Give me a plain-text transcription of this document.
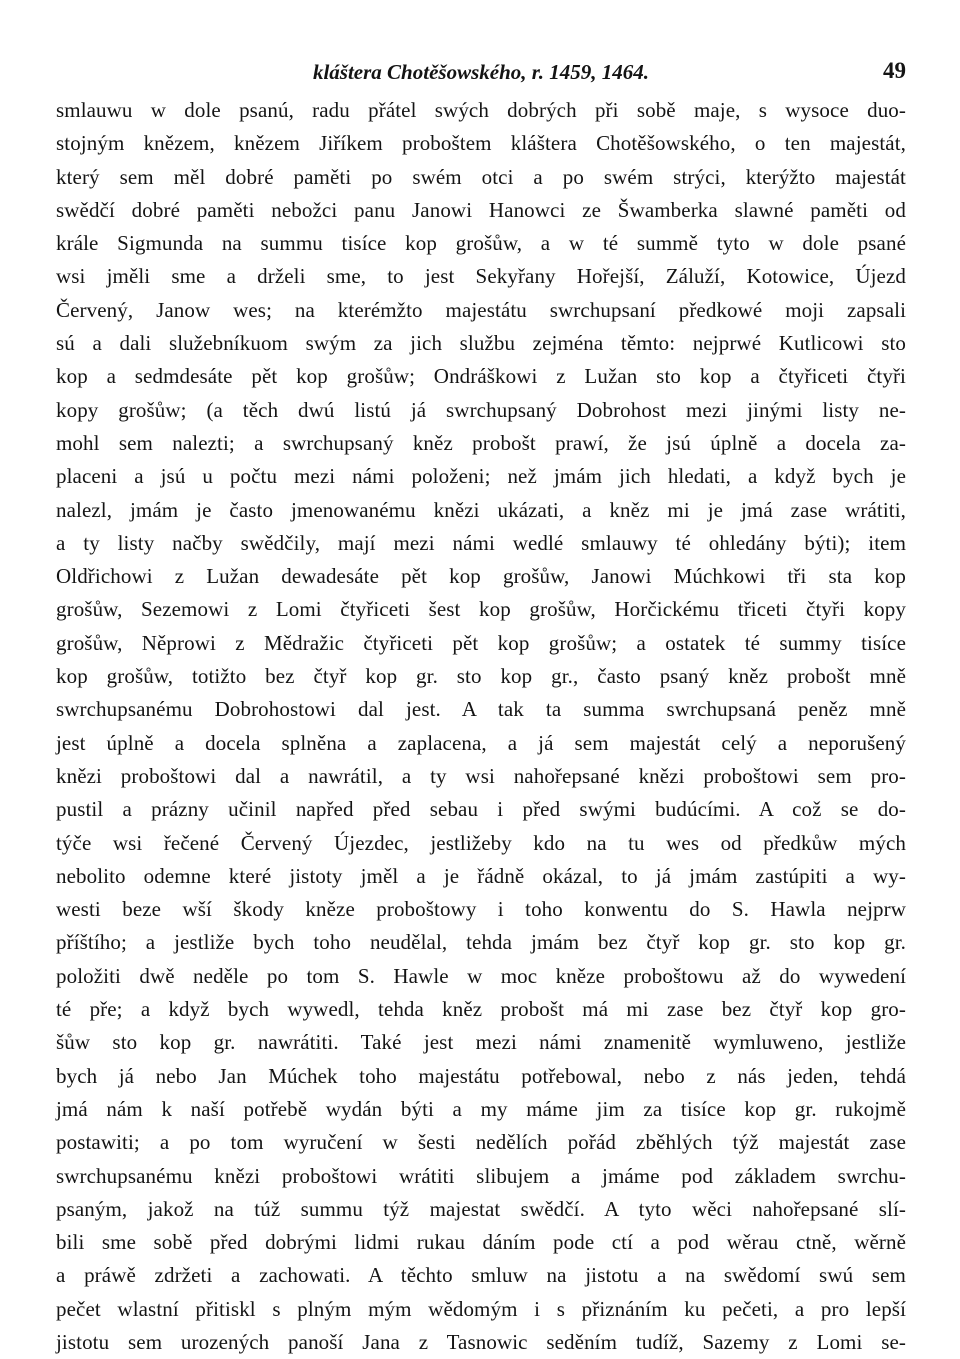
kláštera Chotěšowského, r. 1459, 1464.	49
smlauwu w dole psanú, radu přátel swých dobrých při sobě maje, s wysoce duo-
stojným knězem, knězem Jiříkem proboštem kláštera Chotěšowského, o ten majestát,
který sem měl dobré paměti po swém otci a po swém strýci, kterýžto majestát
swědčí dobré paměti nebožci panu Janowi Hanowci ze Šwamberka slawné paměti od
krále Sigmunda na summu tisíce kop grošůw, a w té summě tyto w dole psané
wsi jměli sme a drželi sme, to jest Sekyřany Hořejší, Záluží, Kotowice, Újezd
Červený, Janow wes; na kterémžto majestátu swrchupsaní předkowé moji zapsali
sú a dali služebníkuom swým za jich službu zejména těmto: nejprwé Kutlicowi sto
kop a sedmdesáte pět kop grošůw; Ondráškowi z Lužan sto kop a čtyřiceti čtyři
kopy grošůw; (a těch dwú listú já swrchupsaný Dobrohost mezi jinými listy ne-
mohl sem nalezti; a swrchupsaný kněz probošt prawí, že jsú úplně a docela za-
placeni a jsú u počtu mezi námi položeni; než jmám jich hledati, a když bych je
nalezl, jmám je často jmenowanému knězi ukázati, a kněz mi je jmá zase wrátiti,
a ty listy načby swědčily, mají mezi námi wedlé smlauwy té ohledány býti); item
Oldřichowi z Lužan dewadesáte pět kop grošůw, Janowi Múchkowi tři sta kop
grošůw, Sezemowi z Lomi čtyřiceti šest kop grošůw, Horčickému třiceti čtyři kopy
grošůw, Něprowi z Mědražic čtyřiceti pět kop grošůw; a ostatek té summy tisíce
kop grošůw, totižto bez čtyř kop gr. sto kop gr., často psaný kněz probošt mně
swrchupsanému Dobrohostowi dal jest. A tak ta summa swrchupsaná peněz mně
jest úplně a docela splněna a zaplacena, a já sem majestát celý a neporušený
knězi proboštowi dal a nawrátil, a ty wsi nahořepsané knězi proboštowi sem pro-
pustil a prázny učinil napřed před sebau i před swými budúcími. A což se do-
týče wsi řečené Červený Újezdec, jestližeby kdo na tu wes od předkůw mých
nebolito odemne které jistoty jměl a je řádně okázal, to já jmám zastúpiti a wy-
westi beze wší škody kněze proboštowy i toho konwentu do S. Hawla nejprw
příštího; a jestliže bych toho neudělal, tehda jmám bez čtyř kop gr. sto kop gr.
položiti dwě neděle po tom S. Hawle w moc kněze proboštowu až do wywedení
té pře; a když bych wywedl, tehda kněz probošt má mi zase bez čtyř kop gro-
šůw sto kop gr. nawrátiti. Také jest mezi námi znamenitě wymluweno, jestliže
bych já nebo Jan Múchek toho majestátu potřebowal, nebo z nás jeden, tehdá
jmá nám k naší potřebě wydán býti a my máme jim za tisíce kop gr. rukojmě
postawiti; a po tom wyručení w šesti nedělích pořád zběhlých týž majestát zase
swrchupsanému knězi proboštowi wrátiti slibujem a jmáme pod základem swrchu-
psaným, jakož na túž summu týž majestat swědčí. A tyto wěci nahořepsané slí-
bili sme sobě před dobrými lidmi rukau dáním pode ctí a pod wěrau ctně, wěrně
a práwě zdržeti a zachowati. A těchto smluw na jistotu a na swědomí swú sem
pečet wlastní přitiskl s plným mým wědomým i s přiznáním ku pečeti, a pro lepší
jistotu sem urozených panoší Jana z Tasnowic seděním tudíž, Sazemy z Lomi se-
